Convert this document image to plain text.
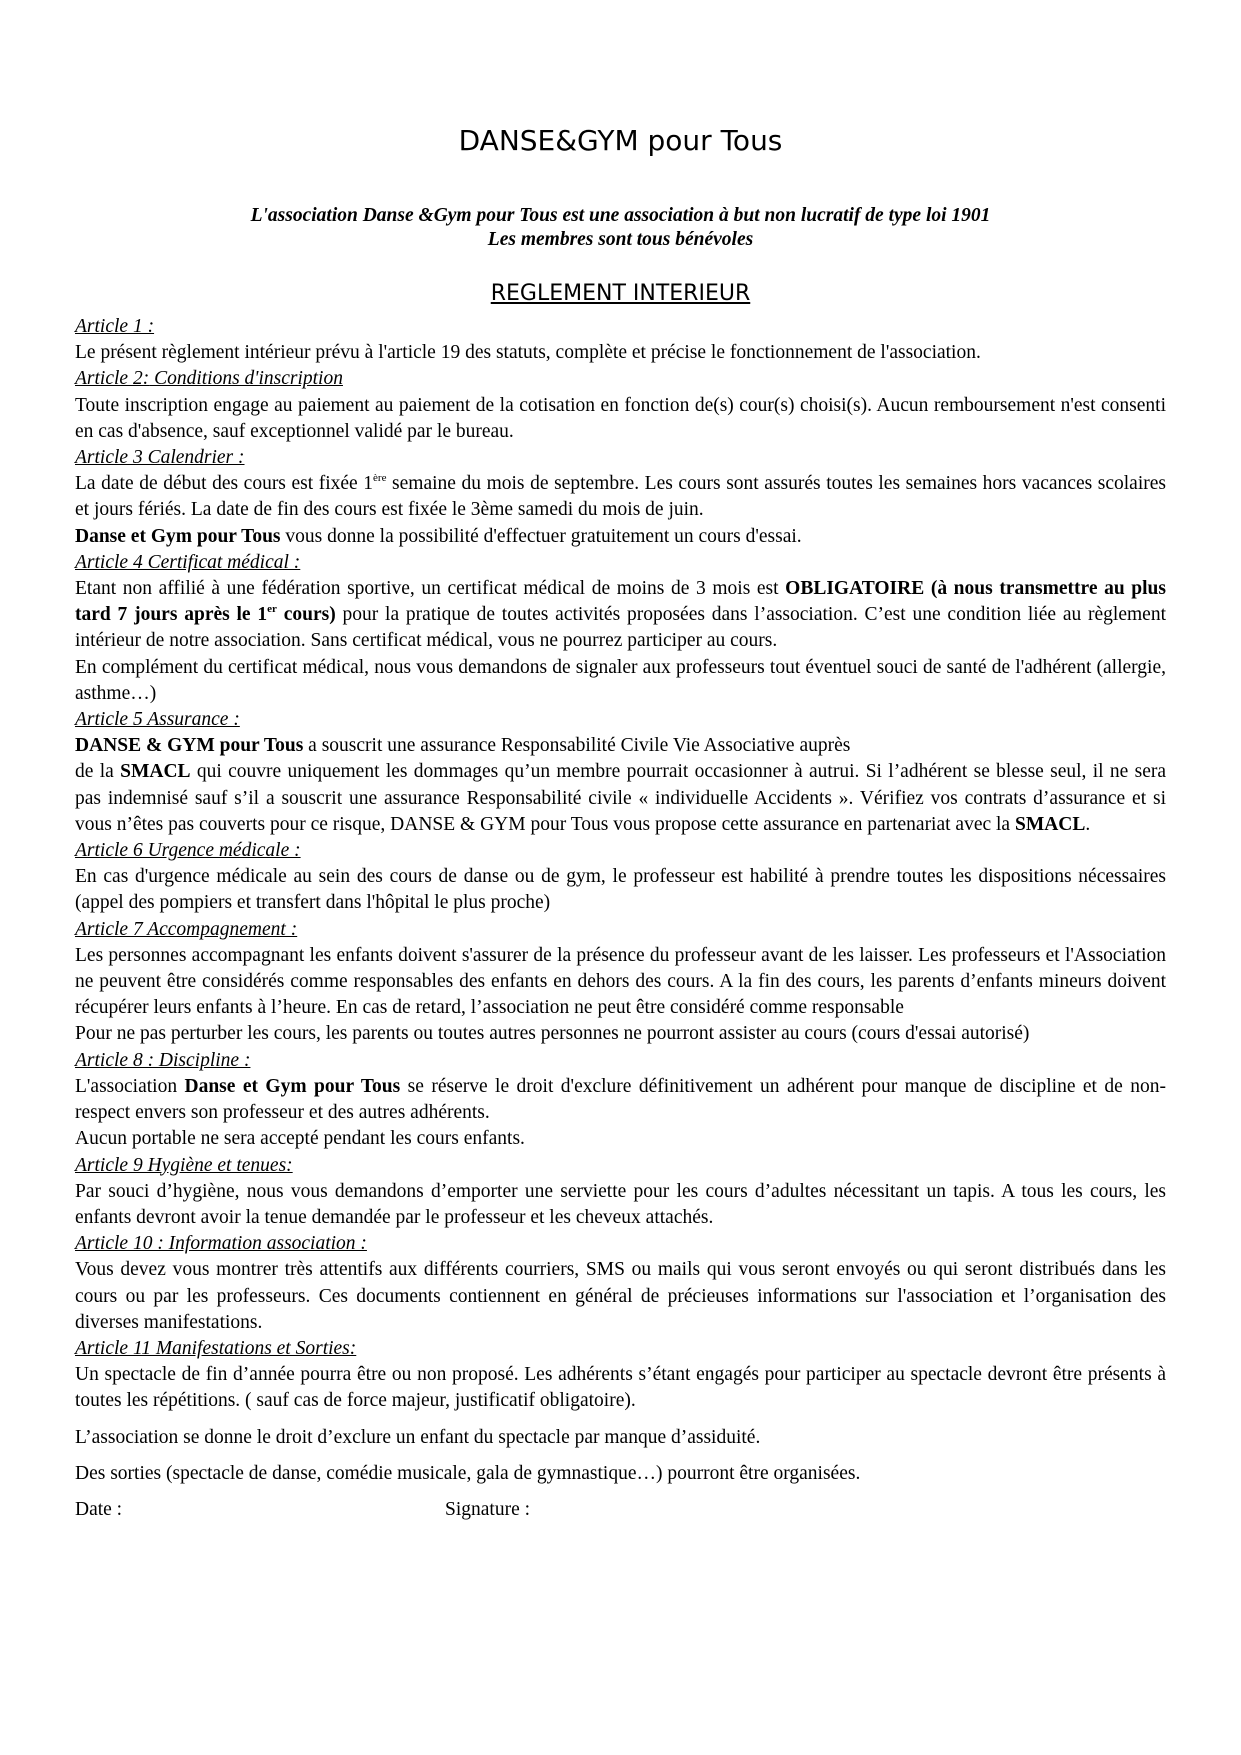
DANSE&GYM pour Tous
L'association Danse &Gym pour Tous est une association à but non lucratif de type loi 1901
Les membres sont tous bénévoles
REGLEMENT INTERIEUR
Article 1 :
Le présent règlement intérieur prévu à l'article 19 des statuts, complète et précise le fonctionnement de l'association.
Article 2: Conditions d'inscription
Toute inscription engage au paiement au paiement de la cotisation en fonction de(s) cour(s) choisi(s). Aucun remboursement n'est consenti en cas d'absence, sauf exceptionnel validé par le bureau.
Article 3 Calendrier :
La date de début des cours est fixée 1ère semaine du mois de septembre. Les cours sont assurés toutes les semaines hors vacances scolaires et jours fériés. La date de fin des cours est fixée le 3ème samedi du mois de juin.
Danse et Gym pour Tous vous donne la possibilité d'effectuer gratuitement un cours d'essai.
Article 4 Certificat médical :
Etant non affilié à une fédération sportive, un certificat médical de moins de 3 mois est OBLIGATOIRE (à nous transmettre au plus tard 7 jours après le 1er cours) pour la pratique de toutes activités proposées dans l’association. C’est une condition liée au règlement intérieur de notre association. Sans certificat médical, vous ne pourrez participer au cours.
En complément du certificat médical, nous vous demandons de signaler aux professeurs tout éventuel souci de santé de l'adhérent (allergie, asthme…)
Article 5 Assurance :
DANSE & GYM pour Tous a souscrit une assurance Responsabilité Civile Vie Associative auprès
de la SMACL qui couvre uniquement les dommages qu’un membre pourrait occasionner à autrui. Si l’adhérent se blesse seul, il ne sera pas indemnisé sauf s’il a souscrit une assurance Responsabilité civile « individuelle Accidents ». Vérifiez vos contrats d’assurance et si vous n’êtes pas couverts pour ce risque, DANSE & GYM pour Tous vous propose cette assurance en partenariat avec la SMACL.
Article 6 Urgence médicale :
En cas d'urgence médicale au sein des cours de danse ou de gym, le professeur est habilité à prendre toutes les dispositions nécessaires (appel des pompiers et transfert dans l'hôpital le plus proche)
Article 7 Accompagnement :
Les personnes accompagnant les enfants doivent s'assurer de la présence du professeur avant de les laisser. Les professeurs et l'Association ne peuvent être considérés comme responsables des enfants en dehors des cours. A la fin des cours, les parents d’enfants mineurs doivent récupérer leurs enfants à l’heure. En cas de retard, l’association ne peut être considéré comme responsable
Pour ne pas perturber les cours, les parents ou toutes autres personnes ne pourront assister au cours (cours d'essai autorisé)
Article 8 : Discipline :
L'association Danse et Gym pour Tous se réserve le droit d'exclure définitivement un adhérent pour manque de discipline et de non-respect envers son professeur et des autres adhérents.
Aucun portable ne sera accepté pendant les cours enfants.
Article 9 Hygiène et tenues:
Par souci d’hygiène, nous vous demandons d’emporter une serviette pour les cours d’adultes nécessitant un tapis. A tous les cours, les enfants devront avoir la tenue demandée par le professeur et les cheveux attachés.
Article 10 : Information association :
Vous devez vous montrer très attentifs aux différents courriers, SMS ou mails qui vous seront envoyés ou qui seront distribués dans les cours ou par les professeurs. Ces documents contiennent en général de précieuses informations sur l'association et l’organisation des diverses manifestations.
Article 11 Manifestations et Sorties:
Un spectacle de fin d’année pourra être ou non proposé. Les adhérents s’étant engagés pour participer au spectacle devront être présents à toutes les répétitions. ( sauf cas de force majeur, justificatif obligatoire).
L’association se donne le droit d’exclure un enfant du spectacle par manque d’assiduité.
Des sorties (spectacle de danse, comédie musicale, gala de gymnastique…) pourront être organisées.
Date :	Signature :
